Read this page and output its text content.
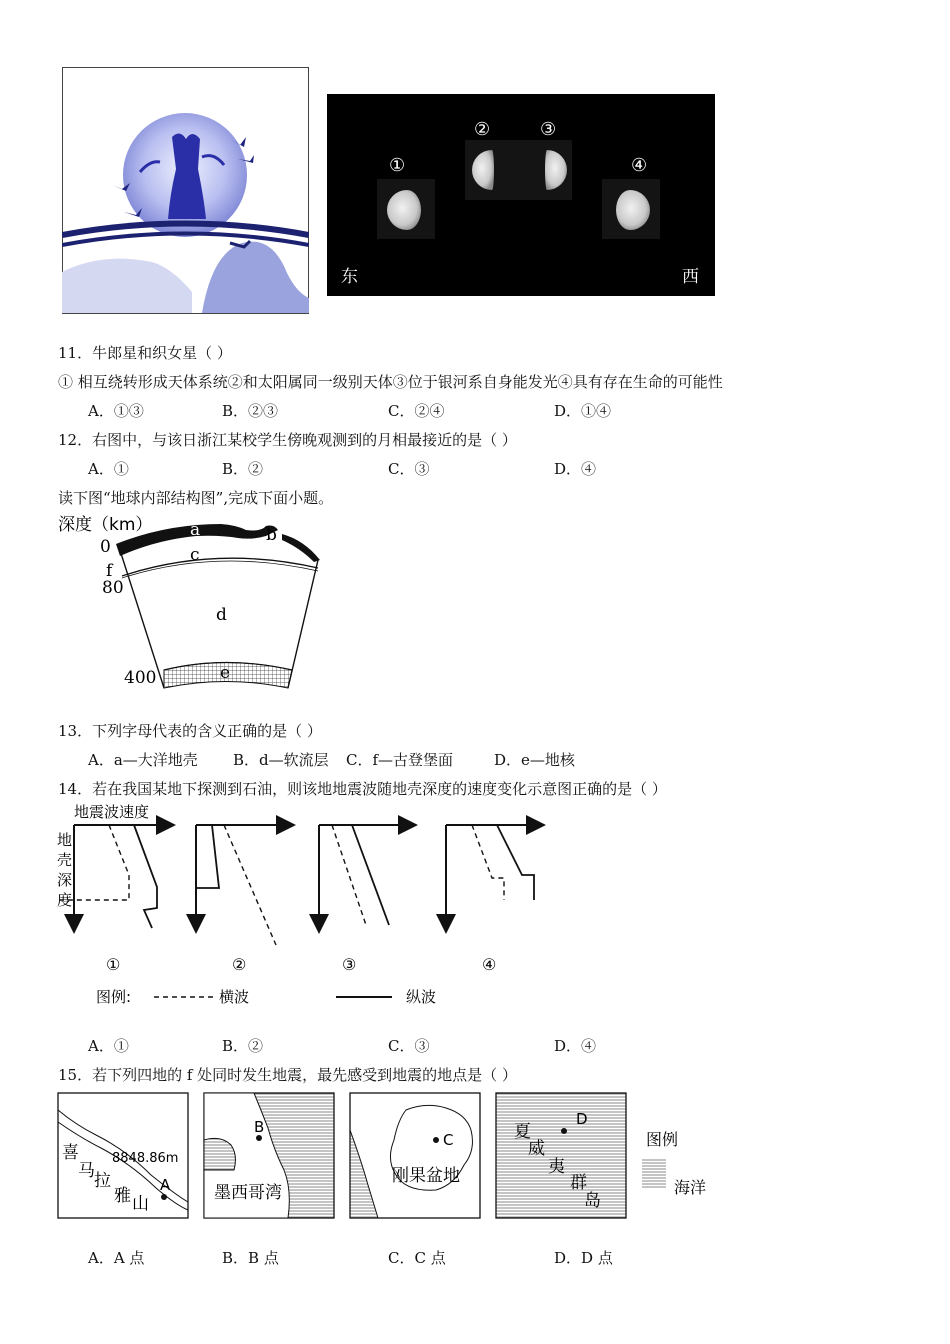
①
②	③
④
东	西
11．牛郎星和织女星（ ）
① 相互绕转形成天体系统②和太阳属同一级别天体③位于银河系自身能发光④具有存在生命的可能性
A．①③	B．②③	C．②④	D．①④
12．右图中，与该日浙江某校学生傍晚观测到的月相最接近的是（ ）
A．①	B．②	C．③	D．④
读下图“地球内部结构图”,完成下面小题。
深度（km）
0
80
400
a	b
c
d
e
f
13．下列字母代表的含义正确的是（ ）
A．a—大洋地壳 B．d—软流层 C．f—古登堡面	D．e—地核
14．若在我国某地下探测到石油，则该地地震波随地壳深度的速度变化示意图正确的是（ ）
地震波速度
地
壳
深
度
①	②	③	④
图例:	横波	纵波
A．①	B．②	C．③	D．④
15．若下列四地的 f 处同时发生地震，最先感受到地震的地点是（ ）
喜
马 拉
雅 山
8848.86m
A
B
墨西哥湾
C
刚果盆地
D
夏
威
夷
群
岛
图例
海洋
A．A 点	B．B 点	C．C 点	D．D 点
